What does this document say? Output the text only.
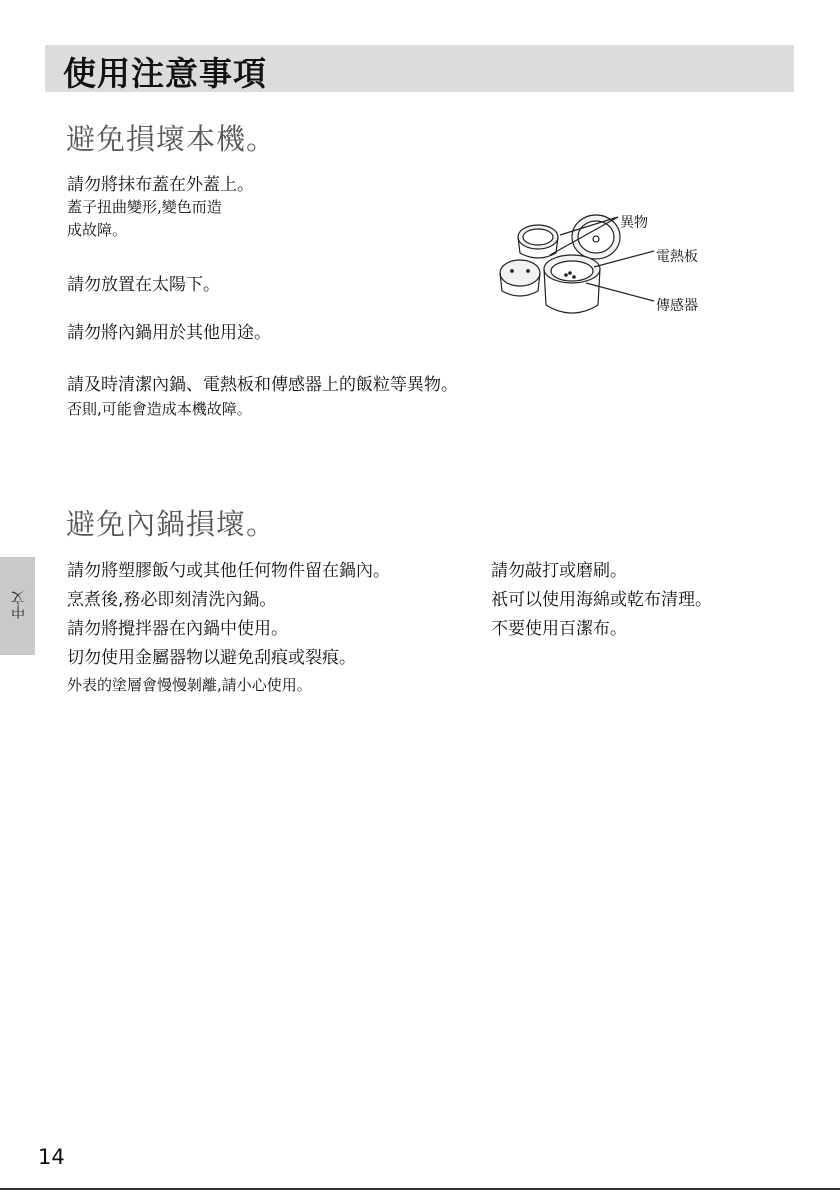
使用注意事項
避免損壞本機。
請勿將抹布蓋在外蓋上。
蓋子扭曲變形,變色而造
成故障。
請勿放置在太陽下。
請勿將內鍋用於其他用途。
請及時清潔內鍋、電熱板和傳感器上的飯粒等異物。
否則,可能會造成本機故障。
異物
電熱板
傳感器
避免內鍋損壞。
請勿將塑膠飯勺或其他任何物件留在鍋內。
烹煮後,務必即刻清洗內鍋。
請勿將攪拌器在內鍋中使用。
切勿使用金屬器物以避免刮痕或裂痕。
外表的塗層會慢慢剝離,請小心使用。
請勿敲打或磨刷。
祇可以使用海綿或乾布清理。
不要使用百潔布。
中文
14
